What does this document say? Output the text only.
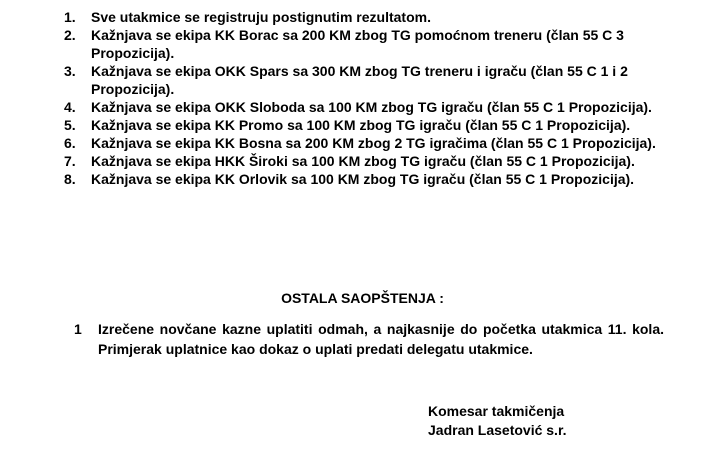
1.	Sve utakmice se registruju postignutim rezultatom.
2.	Kažnjava se ekipa KK Borac sa 200 KM zbog TG pomoćnom treneru (član 55 C 3 Propozicija).
3.	Kažnjava se ekipa OKK Spars sa 300 KM zbog TG treneru i igraču (član 55 C 1 i 2 Propozicija).
4.	Kažnjava se ekipa OKK Sloboda sa 100 KM zbog TG igraču (član 55 C 1 Propozicija).
5.	Kažnjava se ekipa KK Promo sa 100 KM zbog TG igraču (član 55 C 1 Propozicija).
6.	Kažnjava se ekipa KK Bosna sa 200 KM zbog 2 TG igračima (član 55 C 1 Propozicija).
7.	Kažnjava se ekipa HKK Široki sa 100 KM zbog TG igraču (član 55 C 1 Propozicija).
8.	Kažnjava se ekipa KK Orlovik sa 100 KM zbog TG igraču (član 55 C 1 Propozicija).
OSTALA SAOPŠTENJA :
1	Izrečene novčane kazne uplatiti odmah, a najkasnije do početka utakmica 11. kola. Primjerak uplatnice kao dokaz o uplati predati delegatu utakmice.
Komesar takmičenja
Jadran Lasetović s.r.
